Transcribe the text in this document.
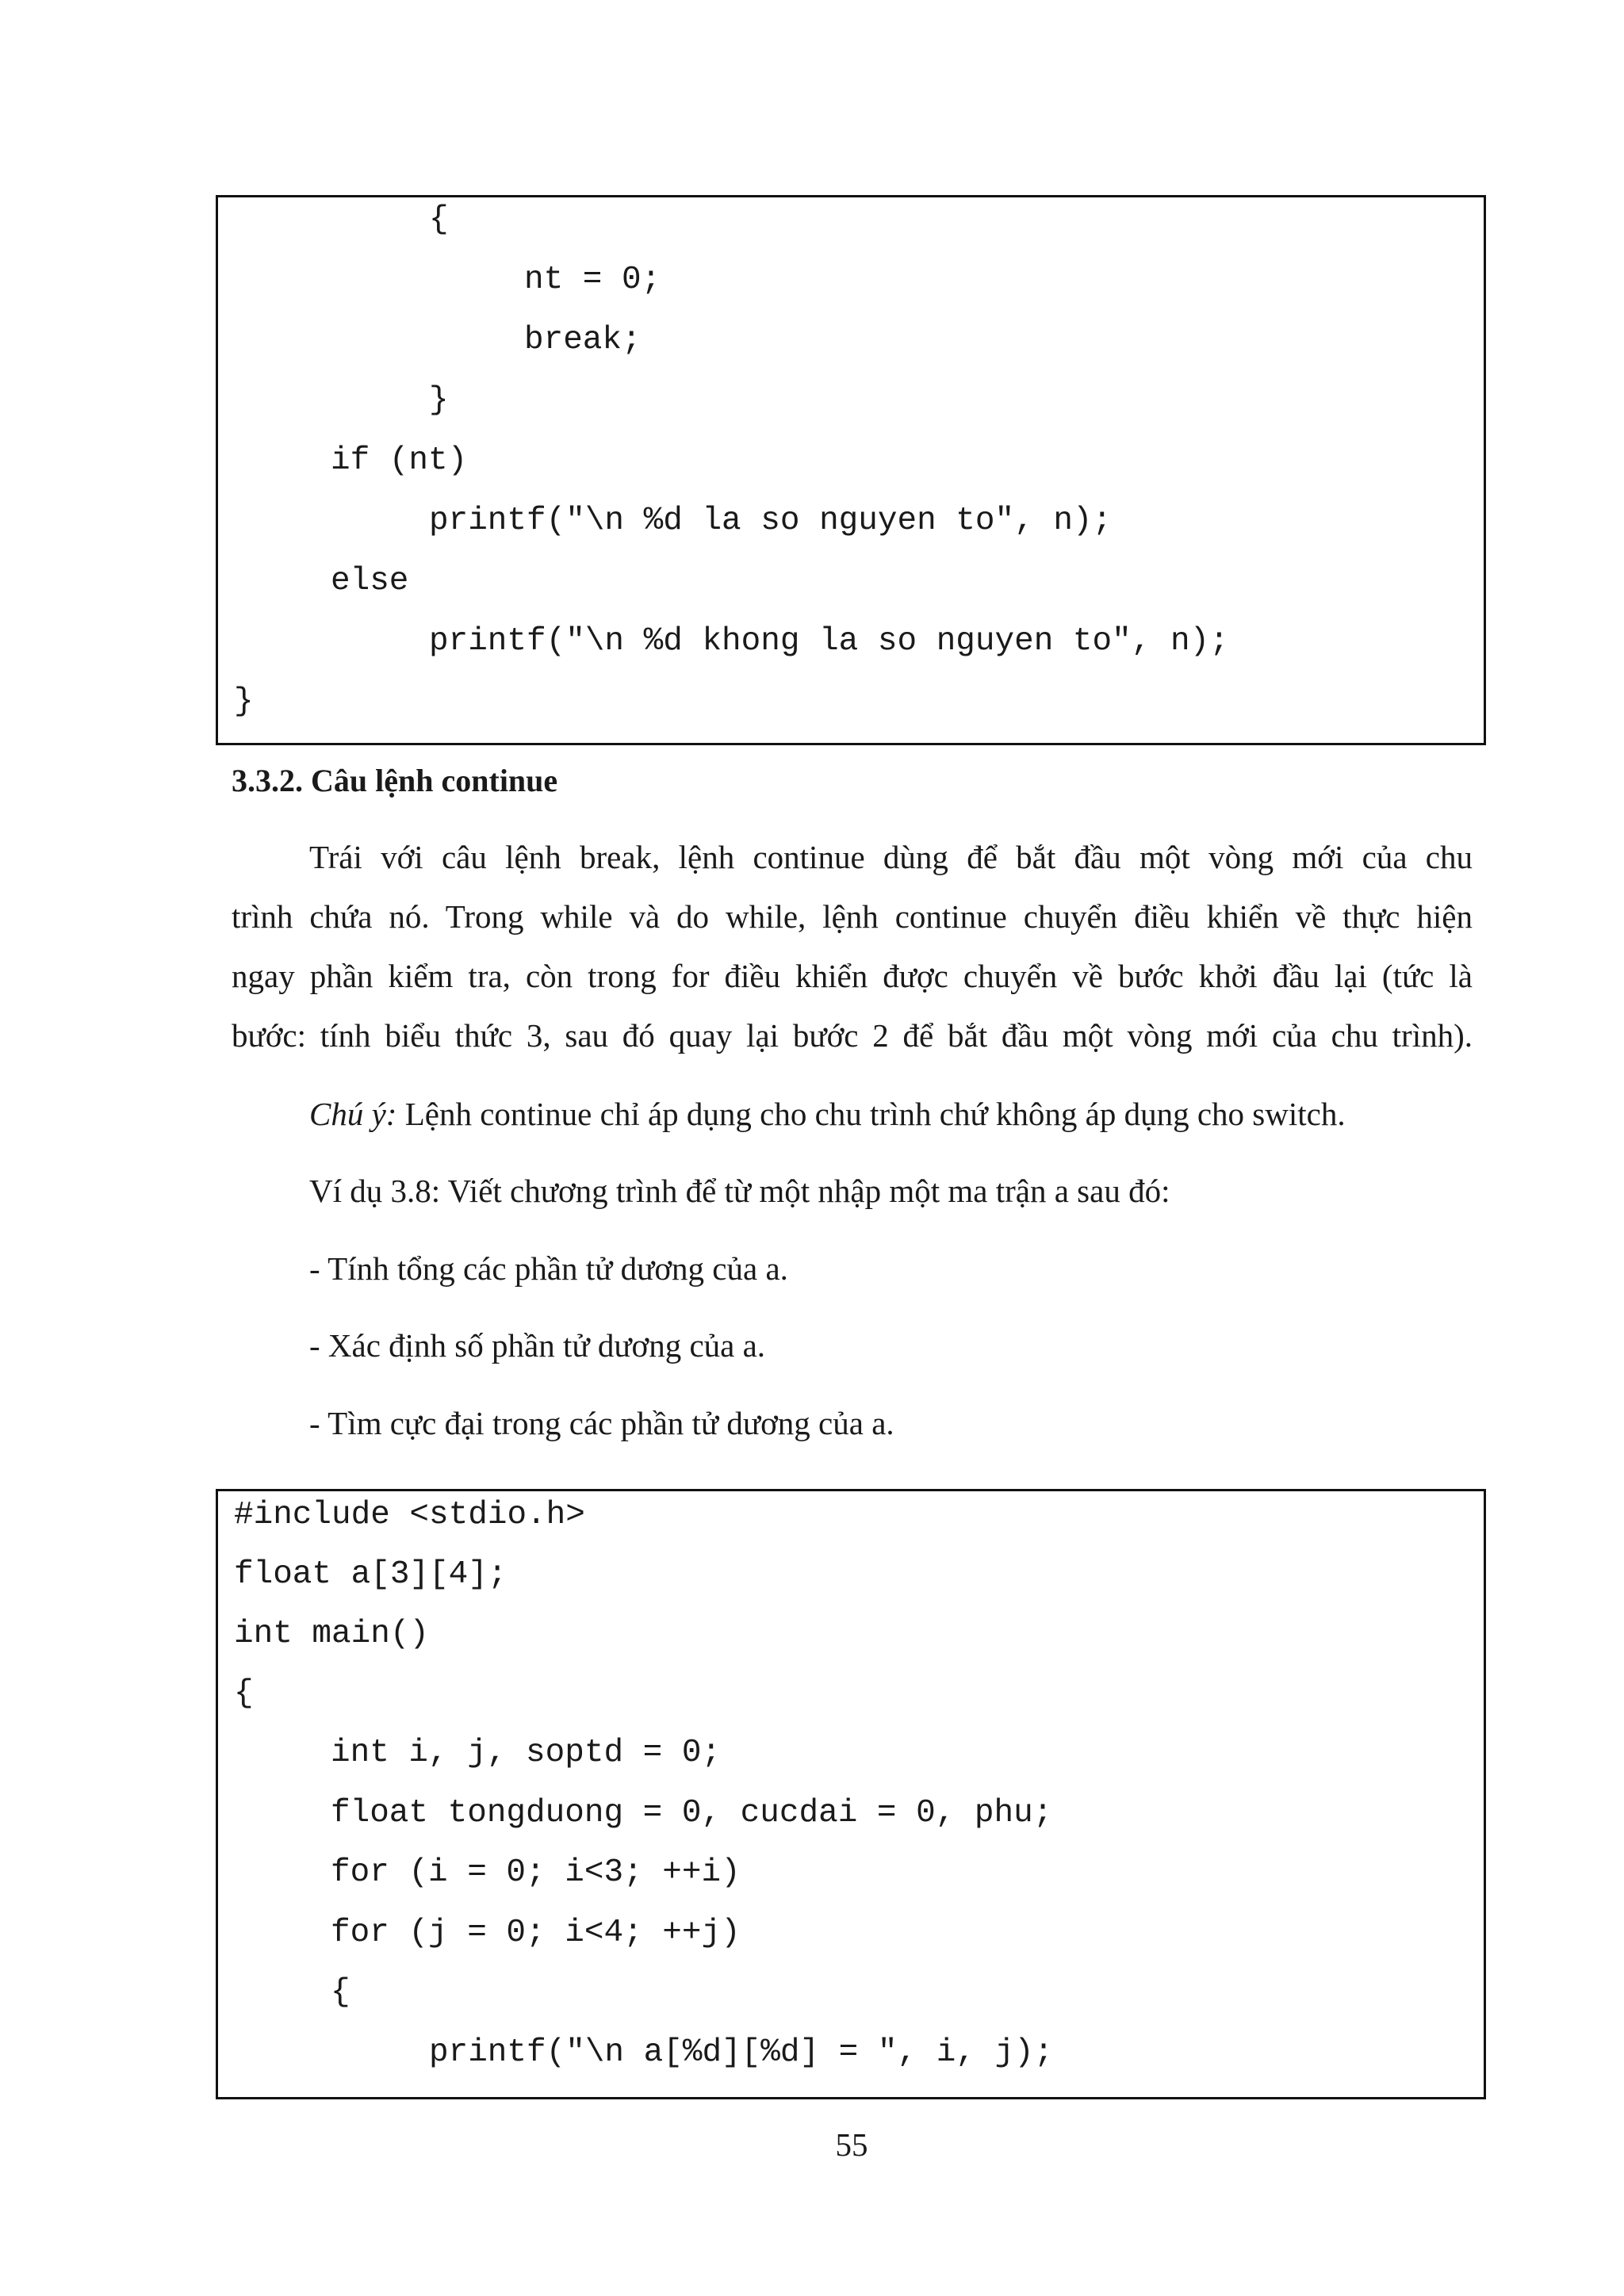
{
nt = 0;
break;
}
if (nt)
printf("\n %d la so nguyen to", n);
else
printf("\n %d khong la so nguyen to", n);
}
3.3.2. Câu lệnh continue
Trái với câu lệnh break, lệnh continue dùng để bắt đầu một vòng mới của chu
trình chứa nó. Trong while và do while, lệnh continue chuyển điều khiển về thực hiện
ngay phần kiểm tra, còn trong for điều khiển được chuyển về bước khởi đầu lại (tức là
bước: tính biểu thức 3, sau đó quay lại bước 2 để bắt đầu một vòng mới của chu trình).
Chú ý: Lệnh continue chỉ áp dụng cho chu trình chứ không áp dụng cho switch.
Ví dụ 3.8: Viết chương trình để từ một nhập một ma trận a sau đó:
- Tính tổng các phần tử dương của a.
- Xác định số phần tử dương của a.
- Tìm cực đại trong các phần tử dương của a.
#include <stdio.h>
float a[3][4];
int main()
{
int i, j, soptd = 0;
float tongduong = 0, cucdai = 0, phu;
for (i = 0; i<3; ++i)
for (j = 0; i<4; ++j)
{
printf("\n a[%d][%d] = ", i, j);
55
